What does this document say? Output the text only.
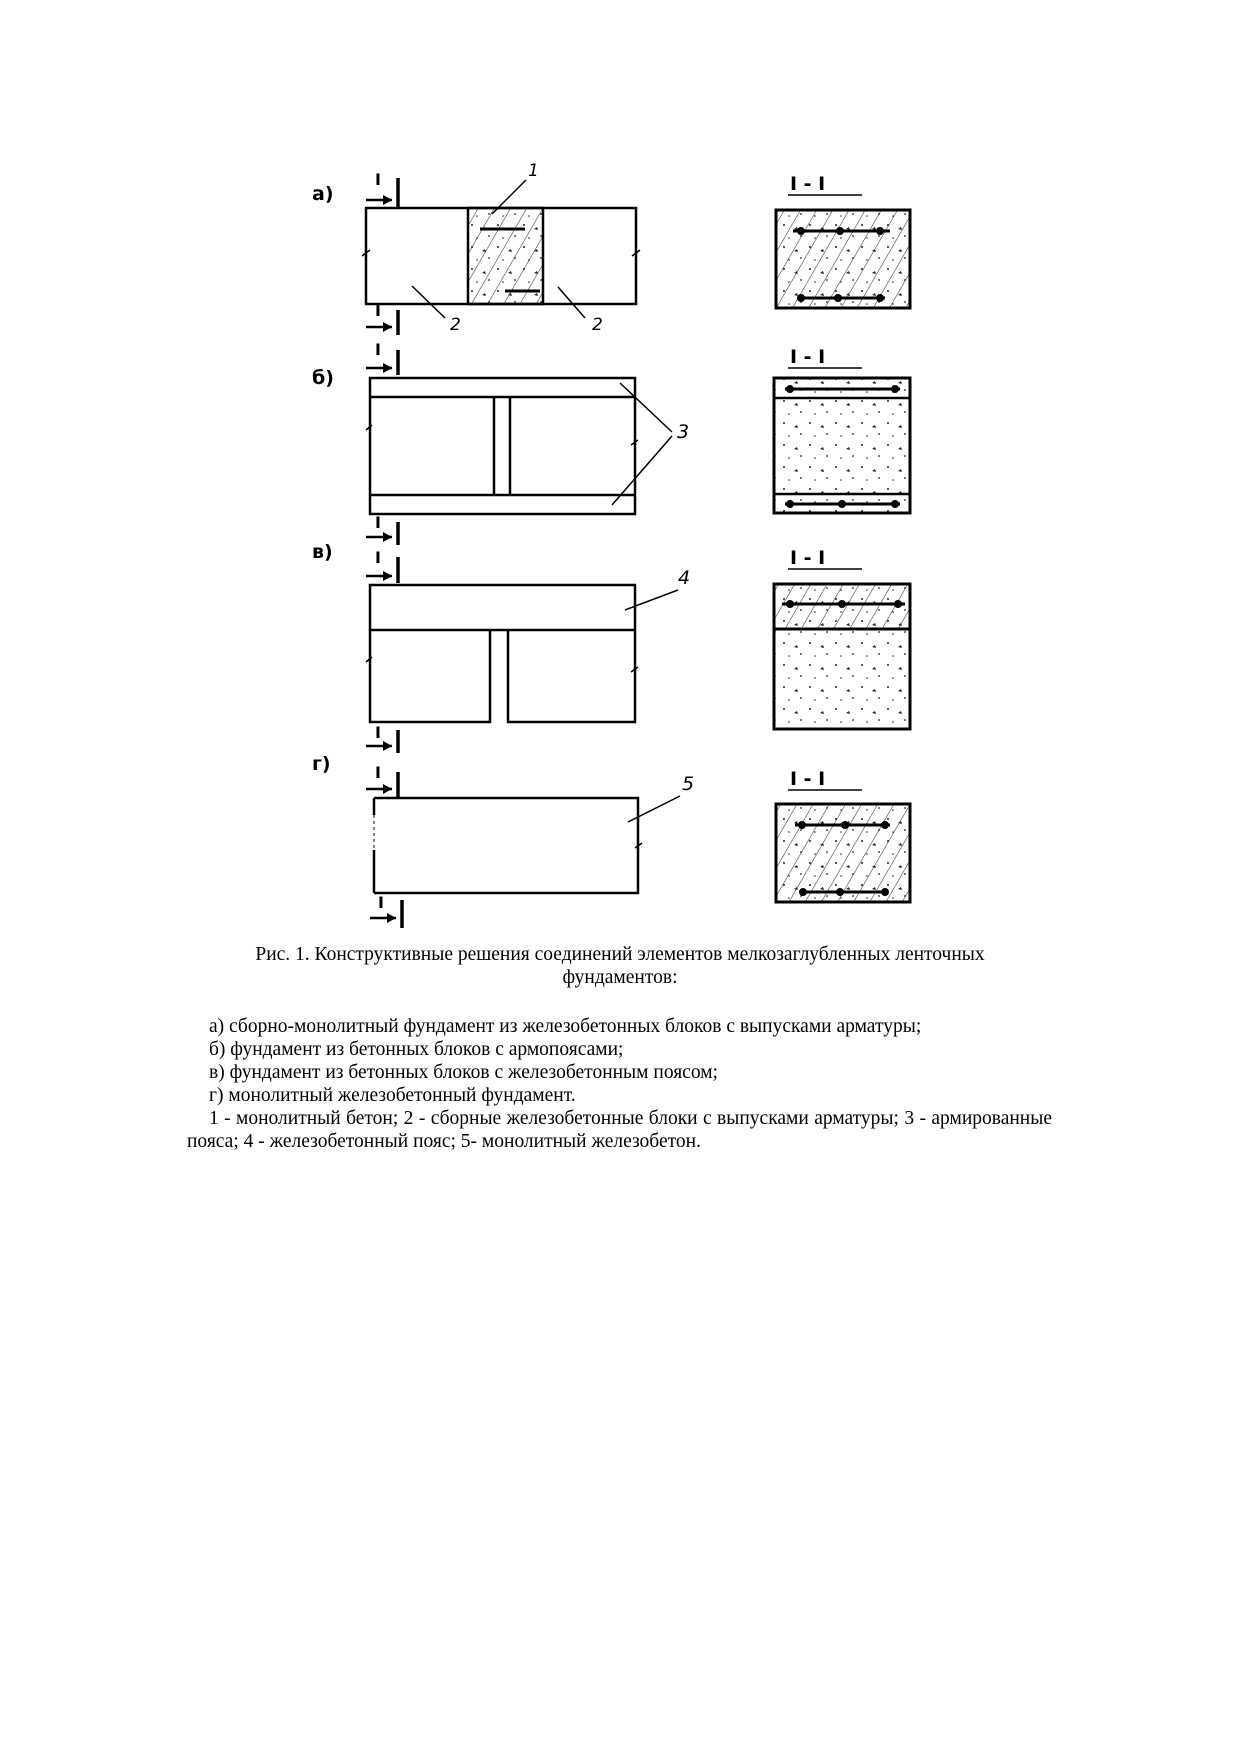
а)
I	1
2	2
I
I - I
б)
I
3
I
I - I
в)	I
4
I
I - I
г)	I
5
I
I - I
Рис. 1. Конструктивные решения соединений элементов мелкозаглубленных ленточных
фундаментов:

а) сборно-монолитный фундамент из железобетонных блоков с выпусками арматуры;

б) фундамент из бетонных блоков с армопоясами;

в) фундамент из бетонных блоков с железобетонным поясом;

г) монолитный железобетонный фундамент.

1 - монолитный бетон; 2 - сборные железобетонные блоки с выпусками арматуры; 3 - армированные пояса; 4 - железобетонный пояс; 5- монолитный железобетон.
